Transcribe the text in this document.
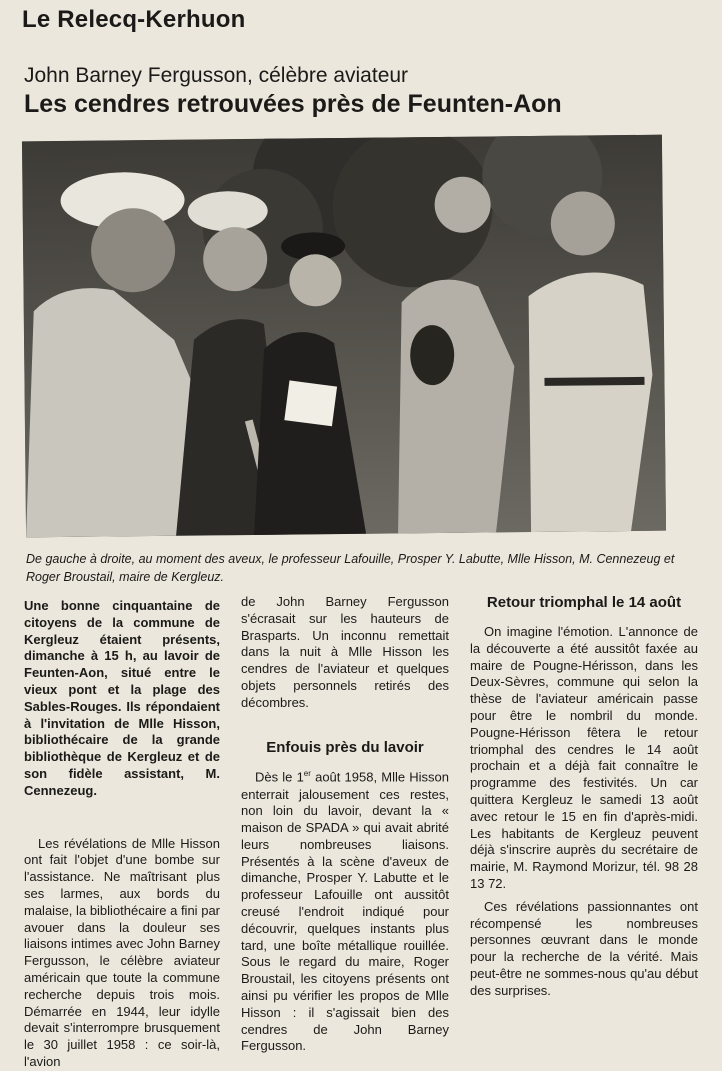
Le Relecq-Kerhuon
John Barney Fergusson, célèbre aviateur
Les cendres retrouvées près de Feunten-Aon
De gauche à droite, au moment des aveux, le professeur Lafouille, Prosper Y. Labutte, Mlle Hisson, M. Cennezeug et Roger Broustail, maire de Kergleuz.

Une bonne cinquantaine de citoyens de la commune de Kergleuz étaient présents, dimanche à 15 h, au lavoir de Feunten-Aon, situé entre le vieux pont et la plage des Sables-Rouges. Ils répondaient à l'invitation de Mlle Hisson, bibliothécaire de la grande bibliothèque de Kergleuz et de son fidèle assistant, M. Cennezeug.

Les révélations de Mlle Hisson ont fait l'objet d'une bombe sur l'assistance. Ne maîtrisant plus ses larmes, aux bords du malaise, la bibliothécaire a fini par avouer dans la douleur ses liaisons intimes avec John Barney Fergusson, le célèbre aviateur américain que toute la commune recherche depuis trois mois. Démarrée en 1944, leur idylle devait s'interrompre brusquement le 30 juillet 1958 : ce soir-là, l'avion

de John Barney Fergusson s'écrasait sur les hauteurs de Brasparts. Un inconnu remettait dans la nuit à Mlle Hisson les cendres de l'aviateur et quelques objets personnels retirés des décombres.

Enfouis près du lavoir

Dès le 1er août 1958, Mlle Hisson enterrait jalousement ces restes, non loin du lavoir, devant la « maison de SPADA » qui avait abrité leurs nombreuses liaisons. Présentés à la scène d'aveux de dimanche, Prosper Y. Labutte et le professeur Lafouille ont aussitôt creusé l'endroit indiqué pour découvrir, quelques instants plus tard, une boîte métallique rouillée. Sous le regard du maire, Roger Broustail, les citoyens présents ont ainsi pu vérifier les propos de Mlle Hisson : il s'agissait bien des cendres de John Barney Fergusson.

Retour triomphal le 14 août

On imagine l'émotion. L'annonce de la découverte a été aussitôt faxée au maire de Pougne-Hérisson, dans les Deux-Sèvres, commune qui selon la thèse de l'aviateur américain passe pour être le nombril du monde. Pougne-Hérisson fêtera le retour triomphal des cendres le 14 août prochain et a déjà fait connaître le programme des festivités. Un car quittera Kergleuz le samedi 13 août avec retour le 15 en fin d'après-midi. Les habitants de Kergleuz peuvent déjà s'inscrire auprès du secrétaire de mairie, M. Raymond Morizur, tél. 98 28 13 72.

Ces révélations passionnantes ont récompensé les nombreuses personnes œuvrant dans le monde pour la recherche de la vérité. Mais peut-être ne sommes-nous qu'au début des surprises.
